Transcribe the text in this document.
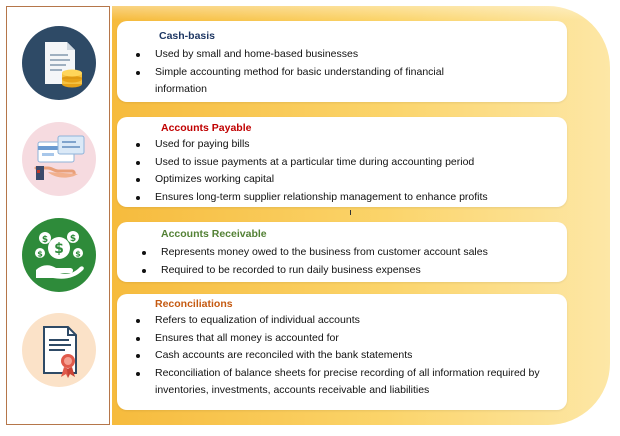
$
$ $
$	$
Cash-basis
Used by small and home-based businesses
Simple accounting method for basic understanding of financial information
Accounts Payable
Used for paying bills
Used to issue payments at a particular time during accounting period
Optimizes working capital
Ensures long-term supplier relationship management to enhance profits
Accounts Receivable
Represents money owed to the business from customer account sales
Required to be recorded to run daily business expenses
Reconciliations
Refers to equalization of individual accounts
Ensures that all money is accounted for
Cash accounts are reconciled with the bank statements
Reconciliation of balance sheets for precise recording of all information required by inventories, investments, accounts receivable and liabilities
